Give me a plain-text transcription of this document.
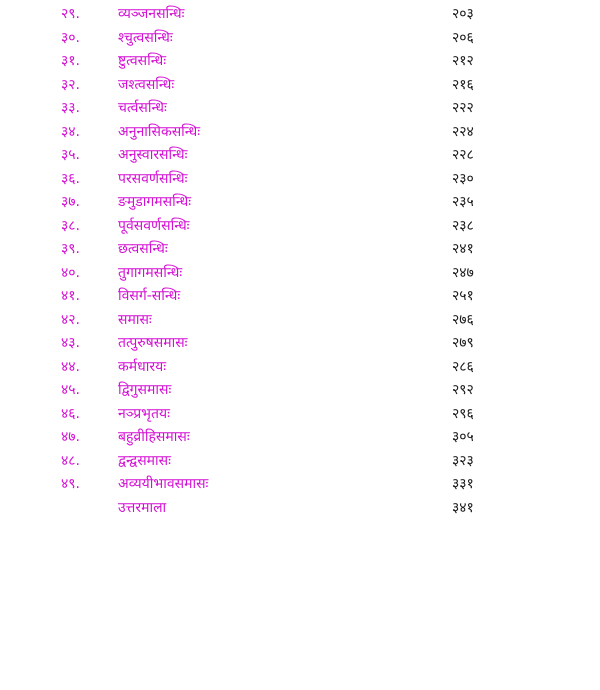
२९.	व्यञ्जनसन्धिः	२०३
३०.	श्चुत्वसन्धिः	२०६
३१.	ष्टुत्वसन्धिः	२१२
३२.	जश्त्वसन्धिः	२१६
३३.	चर्त्वसन्धिः	२२२
३४.	अनुनासिकसन्धिः	२२४
३५.	अनुस्वारसन्धिः	२२८
३६.	परसवर्णसन्धिः	२३०
३७.	ङमुडागमसन्धिः	२३५
३८.	पूर्वसवर्णसन्धिः	२३८
३९.	छत्वसन्धिः	२४१
४०.	तुगागमसन्धिः	२४७
४१.	विसर्ग-सन्धिः	२५१
४२.	समासः	२७६
४३.	तत्पुरुषसमासः	२७९
४४.	कर्मधारयः	२८६
४५.	द्विगुसमासः	२९२
४६.	नञ्प्रभृतयः	२९६
४७.	बहुव्रीहिसमासः	३०५
४८.	द्वन्द्वसमासः	३२३
४९.	अव्ययीभावसमासः	३३१
उत्तरमाला	३४१
